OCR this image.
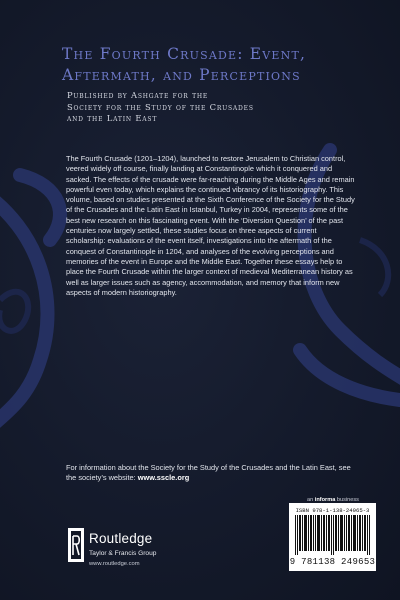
The Fourth Crusade: Event,
Aftermath, and Perceptions
Published by Ashgate for the
Society for the Study of the Crusades
and the Latin East
The Fourth Crusade (1201–1204), launched to restore Jerusalem to Christian control, veered widely off course, finally landing at Constantinople which it conquered and sacked. The effects of the crusade were far-reaching during the Middle Ages and remain powerful even today, which explains the continued vibrancy of its historiography. This volume, based on studies presented at the Sixth Conference of the Society for the Study of the Crusades and the Latin East in Istanbul, Turkey in 2004, represents some of the best new research on this fascinating event. With the ‘Diversion Question’ of the past centuries now largely settled, these studies focus on three aspects of current scholarship: evaluations of the event itself, investigations into the aftermath of the conquest of Constantinople in 1204, and analyses of the evolving perceptions and memories of the event in Europe and the Middle East. Together these essays help to place the Fourth Crusade within the larger context of medieval Mediterranean history as well as larger issues such as agency, accommodation, and memory that inform new aspects of modern historiography.
For information about the Society for the Study of the Crusades and the Latin East, see the society’s website: www.sscle.org
an informa business
ISBN 978-1-138-24965-3
9 781138 249653
Routledge
Taylor & Francis Group
www.routledge.com
